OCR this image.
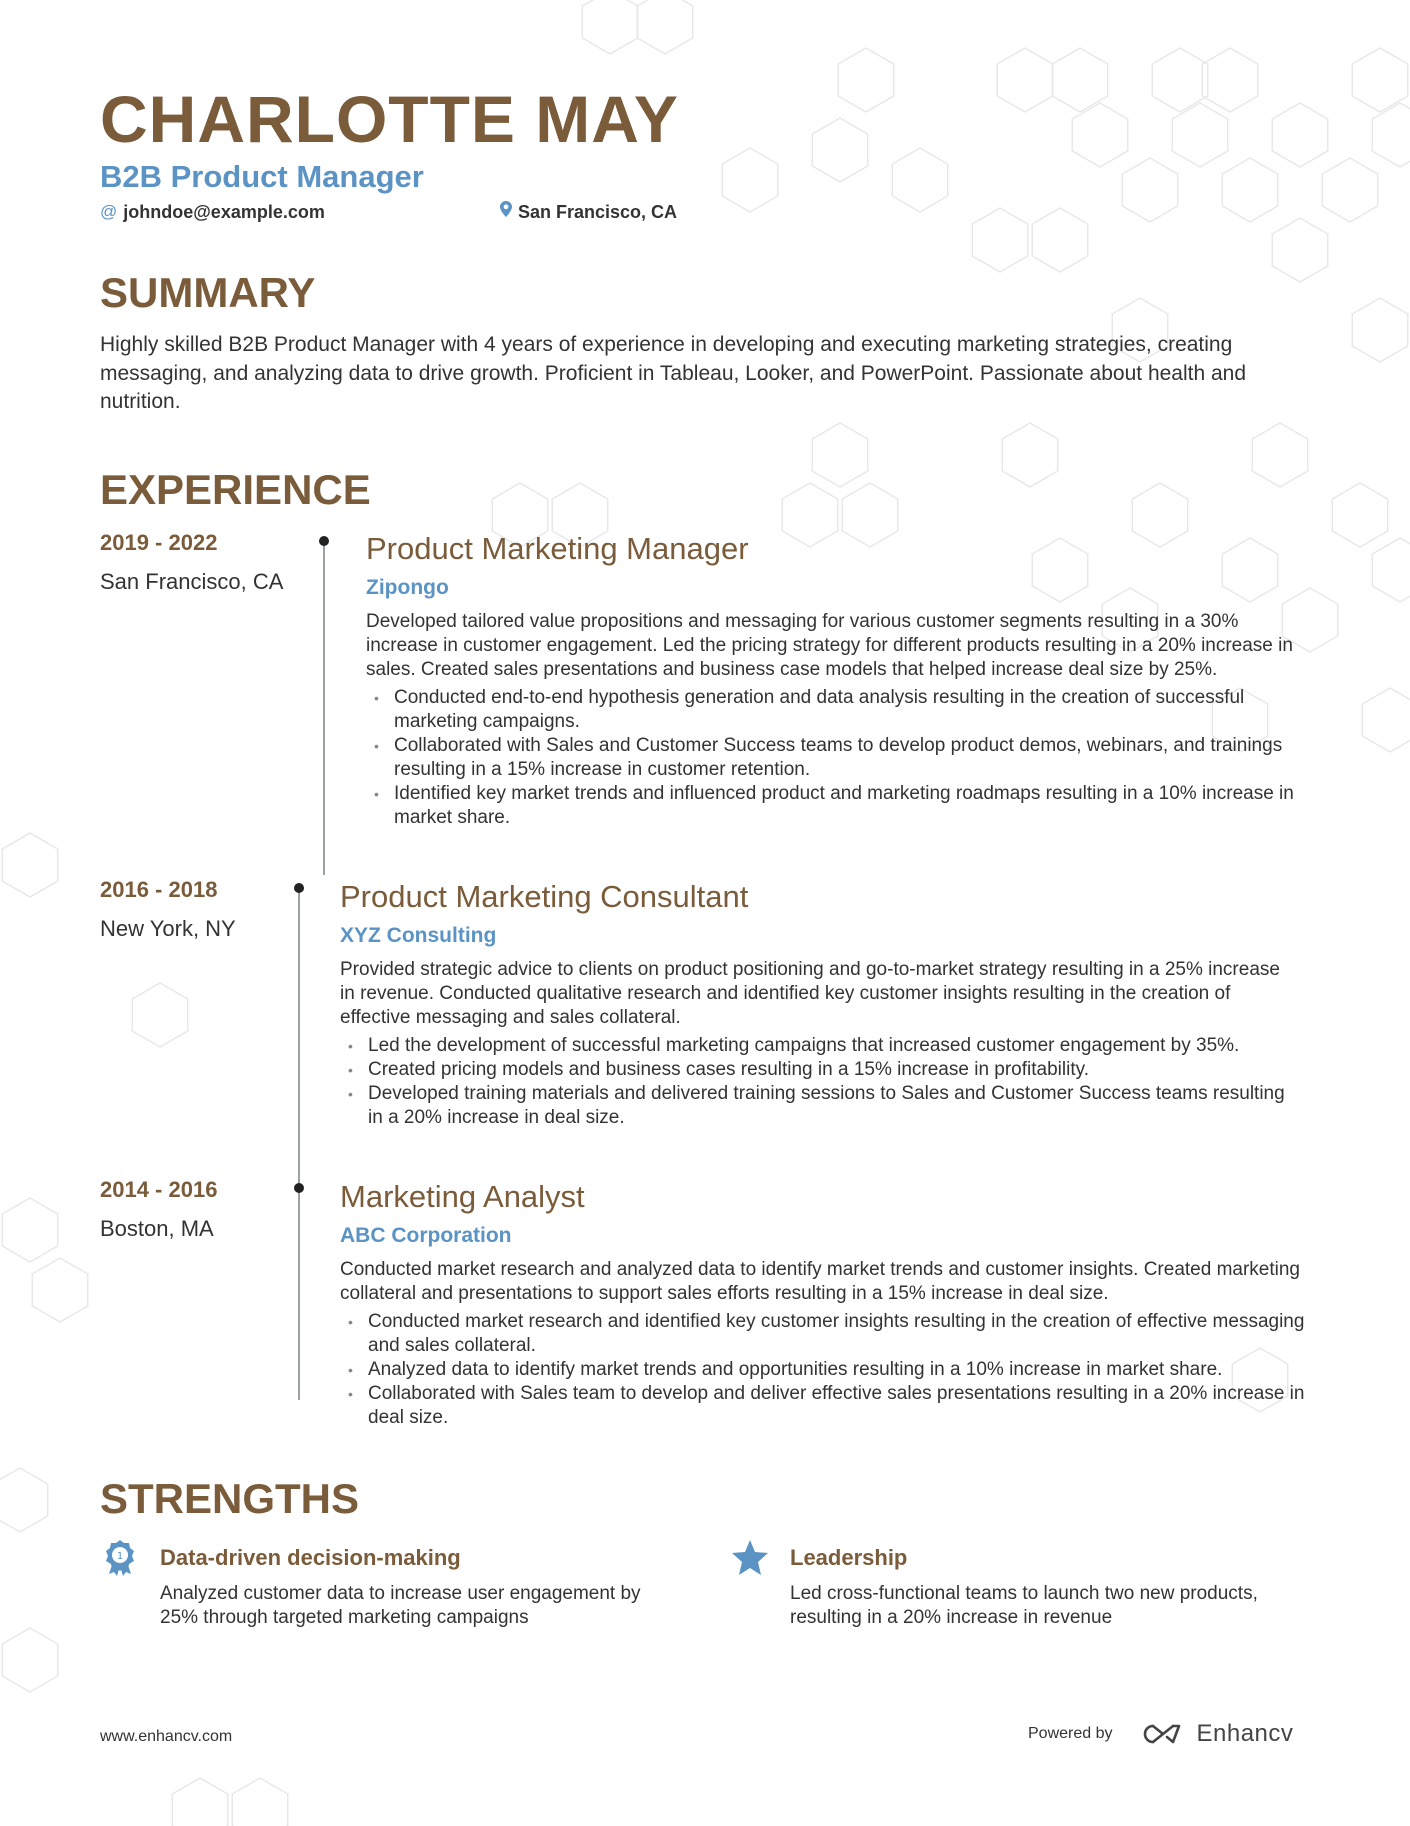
CHARLOTTE MAY
B2B Product Manager
@ johndoe@example.com	San Francisco, CA
SUMMARY
Highly skilled B2B Product Manager with 4 years of experience in developing and executing marketing strategies, creating messaging, and analyzing data to drive growth. Proficient in Tableau, Looker, and PowerPoint. Passionate about health and nutrition.
EXPERIENCE
2019 - 2022
San Francisco, CA
Product Marketing Manager
Zipongo
Developed tailored value propositions and messaging for various customer segments resulting in a 30% increase in customer engagement. Led the pricing strategy for different products resulting in a 20% increase in sales. Created sales presentations and business case models that helped increase deal size by 25%.
• Conducted end-to-end hypothesis generation and data analysis resulting in the creation of successful marketing campaigns.
• Collaborated with Sales and Customer Success teams to develop product demos, webinars, and trainings resulting in a 15% increase in customer retention.
• Identified key market trends and influenced product and marketing roadmaps resulting in a 10% increase in market share.
2016 - 2018
New York, NY
Product Marketing Consultant
XYZ Consulting
Provided strategic advice to clients on product positioning and go-to-market strategy resulting in a 25% increase in revenue. Conducted qualitative research and identified key customer insights resulting in the creation of effective messaging and sales collateral.
• Led the development of successful marketing campaigns that increased customer engagement by 35%.
• Created pricing models and business cases resulting in a 15% increase in profitability.
• Developed training materials and delivered training sessions to Sales and Customer Success teams resulting in a 20% increase in deal size.
2014 - 2016
Boston, MA
Marketing Analyst
ABC Corporation
Conducted market research and analyzed data to identify market trends and customer insights. Created marketing collateral and presentations to support sales efforts resulting in a 15% increase in deal size.
• Conducted market research and identified key customer insights resulting in the creation of effective messaging and sales collateral.
• Analyzed data to identify market trends and opportunities resulting in a 10% increase in market share.
• Collaborated with Sales team to develop and deliver effective sales presentations resulting in a 20% increase in deal size.
STRENGTHS
1 Data-driven decision-making
Analyzed customer data to increase user engagement by 25% through targeted marketing campaigns
Leadership
Led cross-functional teams to launch two new products, resulting in a 20% increase in revenue
www.enhancv.com	Powered by	Enhancv
